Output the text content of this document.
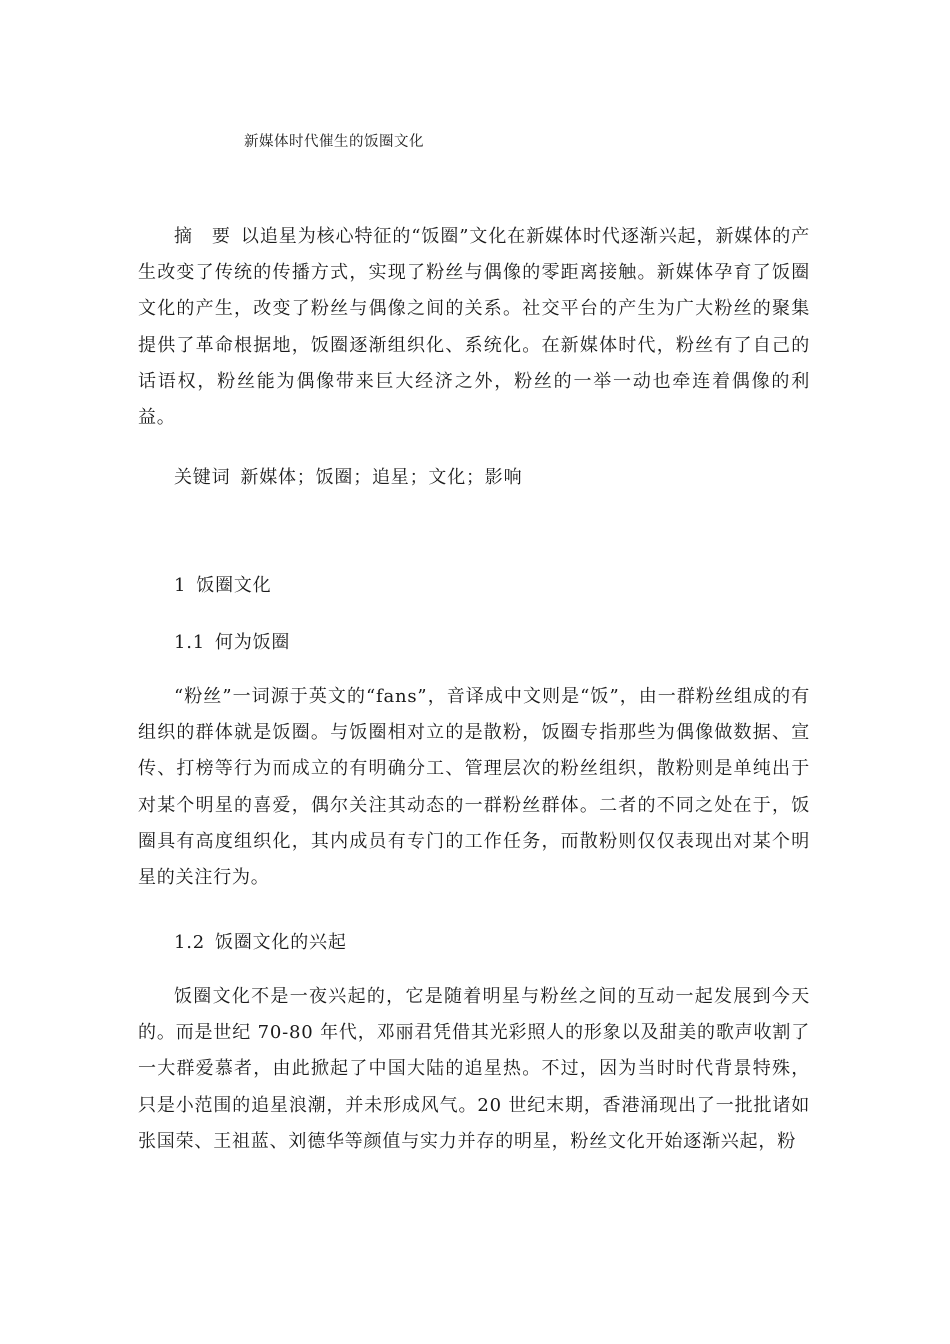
新媒体时代催生的饭圈文化
摘　要 以追星为核心特征的“饭圈”文化在新媒体时代逐渐兴起，新媒体的产生改变了传统的传播方式，实现了粉丝与偶像的零距离接触。新媒体孕育了饭圈文化的产生，改变了粉丝与偶像之间的关系。社交平台的产生为广大粉丝的聚集提供了革命根据地，饭圈逐渐组织化、系统化。在新媒体时代，粉丝有了自己的话语权，粉丝能为偶像带来巨大经济之外，粉丝的一举一动也牵连着偶像的利益。
关键词 新媒体；饭圈；追星；文化；影响
1 饭圈文化
1.1 何为饭圈
“粉丝”一词源于英文的“fans”，音译成中文则是“饭”，由一群粉丝组成的有组织的群体就是饭圈。与饭圈相对立的是散粉，饭圈专指那些为偶像做数据、宣传、打榜等行为而成立的有明确分工、管理层次的粉丝组织，散粉则是单纯出于对某个明星的喜爱，偶尔关注其动态的一群粉丝群体。二者的不同之处在于，饭圈具有高度组织化，其内成员有专门的工作任务，而散粉则仅仅表现出对某个明星的关注行为。
1.2 饭圈文化的兴起
饭圈文化不是一夜兴起的，它是随着明星与粉丝之间的互动一起发展到今天的。而是世纪 70-80 年代，邓丽君凭借其光彩照人的形象以及甜美的歌声收割了一大群爱慕者，由此掀起了中国大陆的追星热。不过，因为当时时代背景特殊，只是小范围的追星浪潮，并未形成风气。20 世纪末期，香港涌现出了一批批诸如张国荣、王祖蓝、刘德华等颜值与实力并存的明星，粉丝文化开始逐渐兴起，粉
